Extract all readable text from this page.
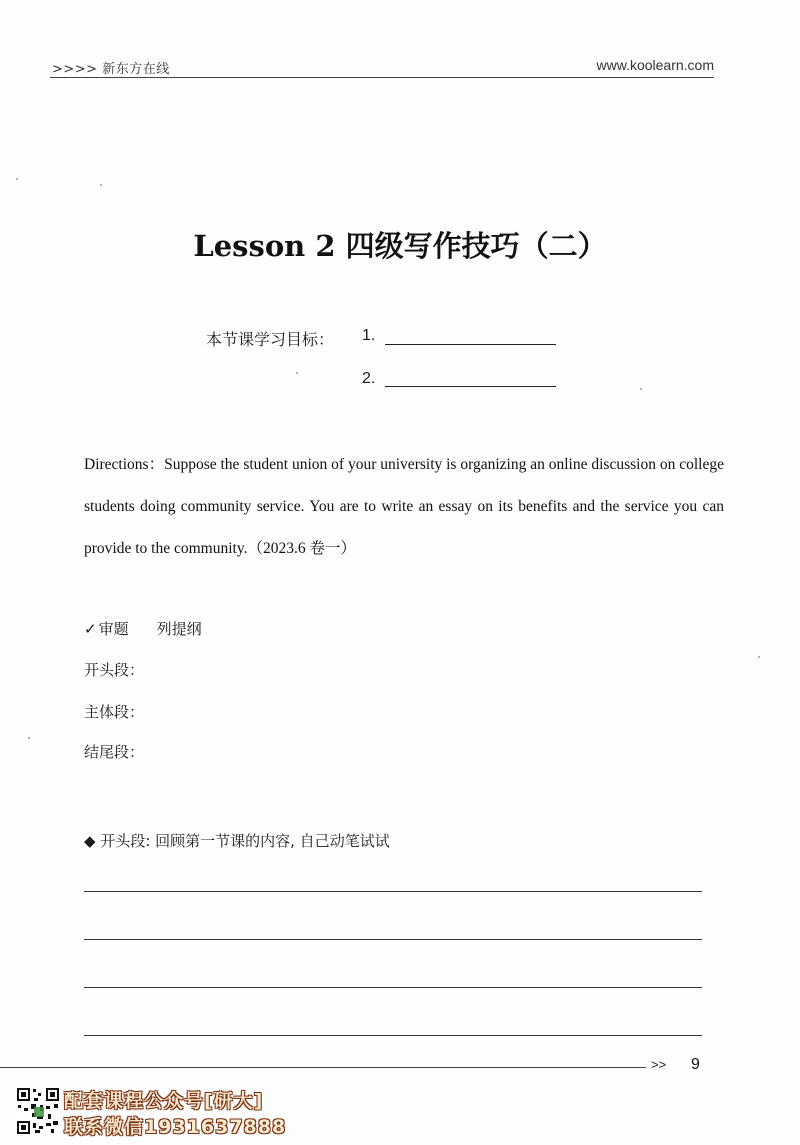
>>>> 新东方在线	www.koolearn.com
Lesson 2 四级写作技巧（二）
本节课学习目标： 1.
2.
Directions：Suppose the student union of your university is organizing an online discussion on college students doing community service. You are to write an essay on its benefits and the service you can provide to the community.（2023.6 卷一）
✓ 审题 列提纲
开头段：
主体段：
结尾段：
◆ 开头段: 回顾第一节课的内容, 自己动笔试试
>> 9
配套课程公众号[研大]
联系微信1931637888
